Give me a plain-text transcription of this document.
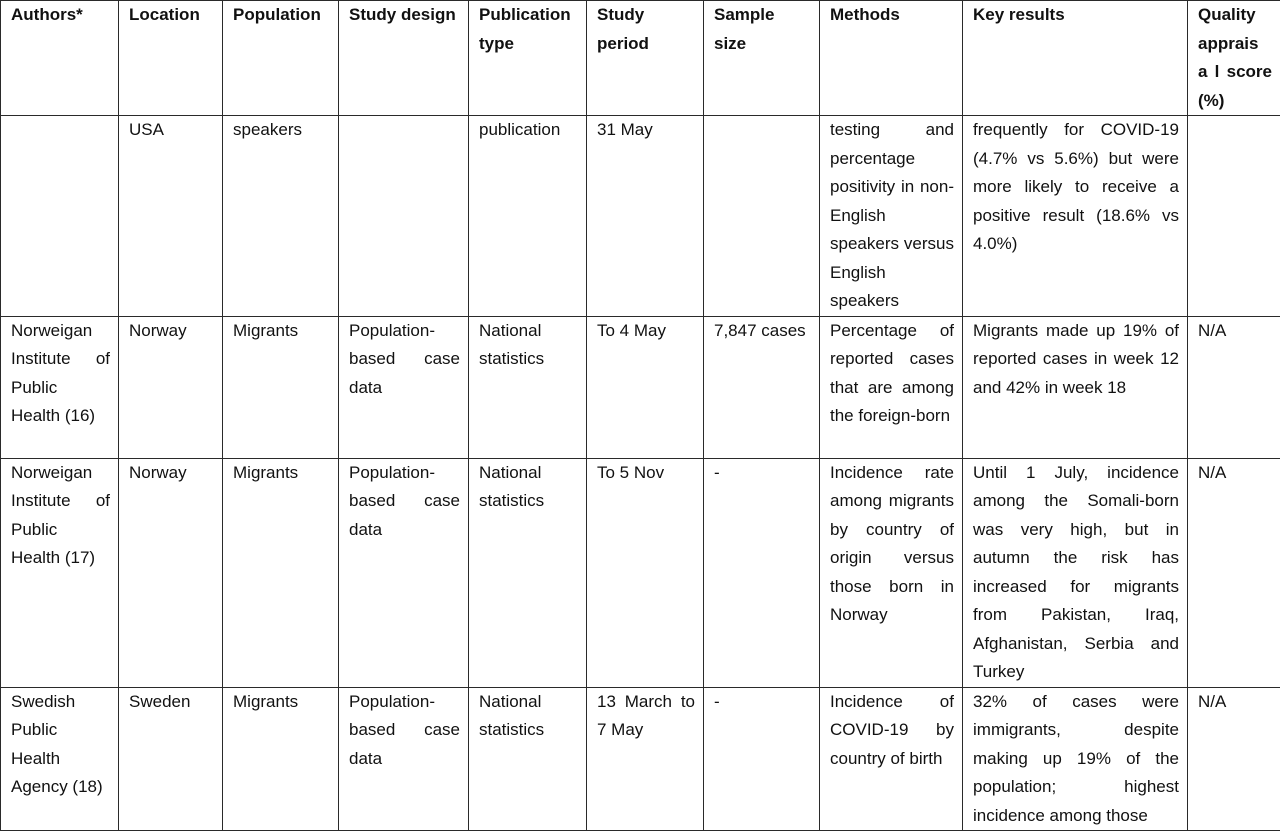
Authors*	Location	Population	Study design	Publication type	Study period	Sample size	Methods	Key results	Quality apprais a l score (%)
	USA	speakers		publication	31 May		testing and percentage positivity in non-English speakers versus English speakers	frequently for COVID-19 (4.7% vs 5.6%) but were more likely to receive a positive result (18.6% vs 4.0%)	
Norweigan Institute of Public Health (16)	Norway	Migrants	Population-based case data	National statistics	To 4 May	7,847 cases	Percentage of reported cases that are among the foreign-born	Migrants made up 19% of reported cases in week 12 and 42% in week 18	N/A
Norweigan Institute of Public Health (17)	Norway	Migrants	Population-based case data	National statistics	To 5 Nov	-	Incidence rate among migrants by country of origin versus those born in Norway	Until 1 July, incidence among the Somali-born was very high, but in autumn the risk has increased for migrants from Pakistan, Iraq, Afghanistan, Serbia and Turkey	N/A
Swedish Public Health Agency (18)	Sweden	Migrants	Population-based case data	National statistics	13 March to 7 May	-	Incidence of COVID-19 by country of birth	32% of cases were immigrants, despite making up 19% of the population; highest incidence among those	N/A
